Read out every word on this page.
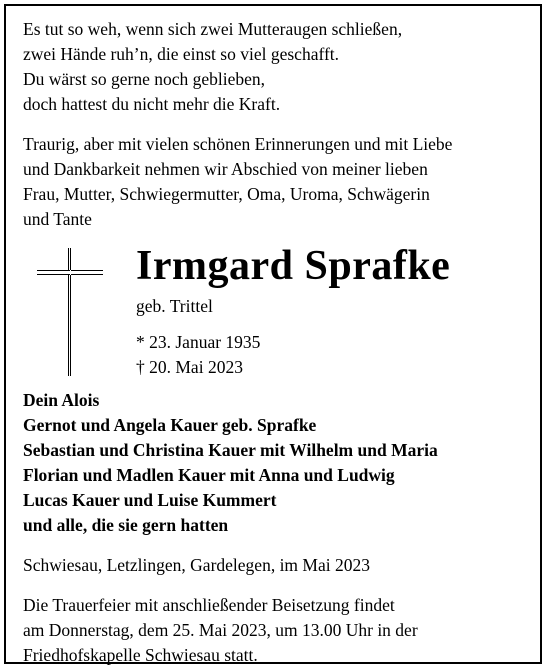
Es tut so weh, wenn sich zwei Mutteraugen schließen,
zwei Hände ruh’n, die einst so viel geschafft.
Du wärst so gerne noch geblieben,
doch hattest du nicht mehr die Kraft.
Traurig, aber mit vielen schönen Erinnerungen und mit Liebe
und Dankbarkeit nehmen wir Abschied von meiner lieben
Frau, Mutter, Schwiegermutter, Oma, Uroma, Schwägerin
und Tante
Irmgard Sprafke
geb. Trittel
* 23. Januar 1935
† 20. Mai 2023
Dein Alois
Gernot und Angela Kauer geb. Sprafke
Sebastian und Christina Kauer mit Wilhelm und Maria
Florian und Madlen Kauer mit Anna und Ludwig
Lucas Kauer und Luise Kummert
und alle, die sie gern hatten
Schwiesau, Letzlingen, Gardelegen, im Mai 2023
Die Trauerfeier mit anschließender Beisetzung findet
am Donnerstag, dem 25. Mai 2023, um 13.00 Uhr in der
Friedhofskapelle Schwiesau statt.
